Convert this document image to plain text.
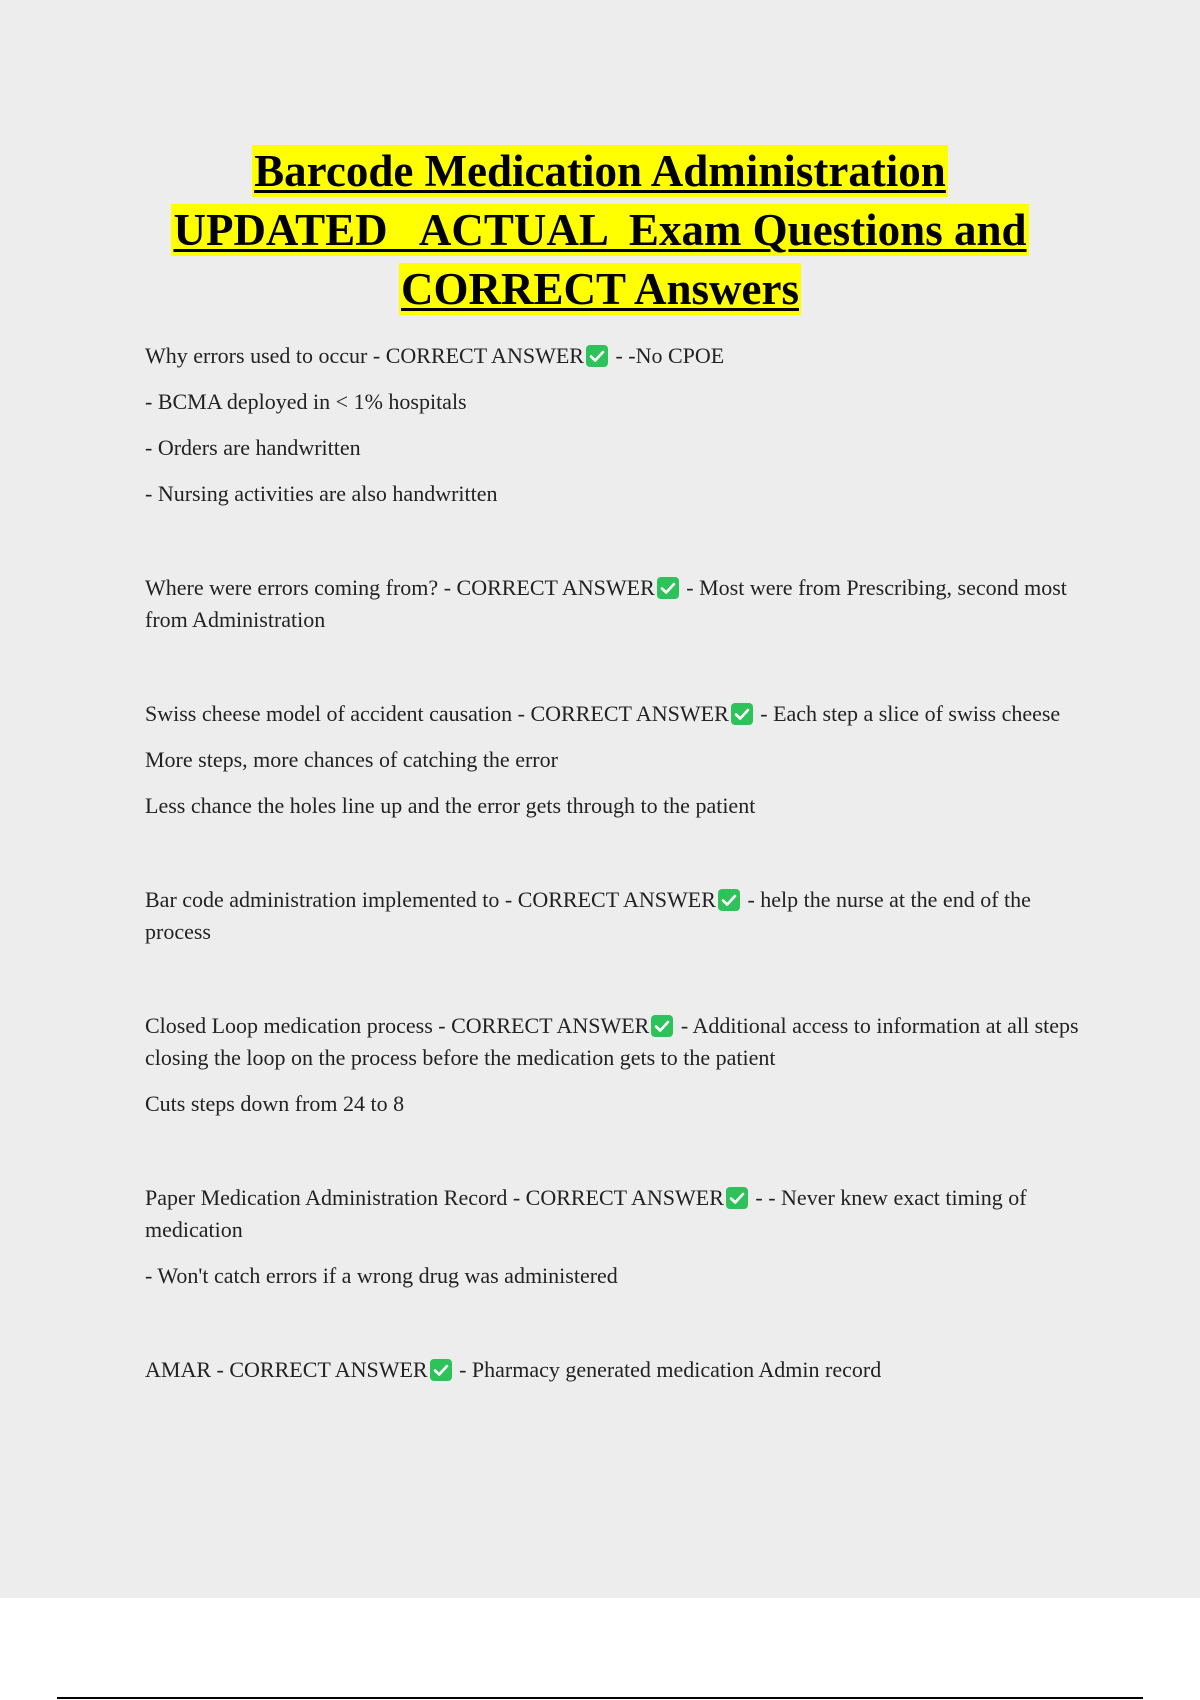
Barcode Medication Administration
UPDATED   ACTUAL  Exam Questions and
CORRECT Answers
Why errors used to occur - CORRECT ANSWER - -No CPOE
- BCMA deployed in < 1% hospitals
- Orders are handwritten
- Nursing activities are also handwritten
Where were errors coming from? - CORRECT ANSWER - Most were from Prescribing, second most from Administration
Swiss cheese model of accident causation - CORRECT ANSWER - Each step a slice of swiss cheese
More steps, more chances of catching the error
Less chance the holes line up and the error gets through to the patient
Bar code administration implemented to - CORRECT ANSWER - help the nurse at the end of the process
Closed Loop medication process - CORRECT ANSWER - Additional access to information at all steps closing the loop on the process before the medication gets to the patient
Cuts steps down from 24 to 8
Paper Medication Administration Record - CORRECT ANSWER - - Never knew exact timing of medication
- Won't catch errors if a wrong drug was administered
AMAR - CORRECT ANSWER - Pharmacy generated medication Admin record
